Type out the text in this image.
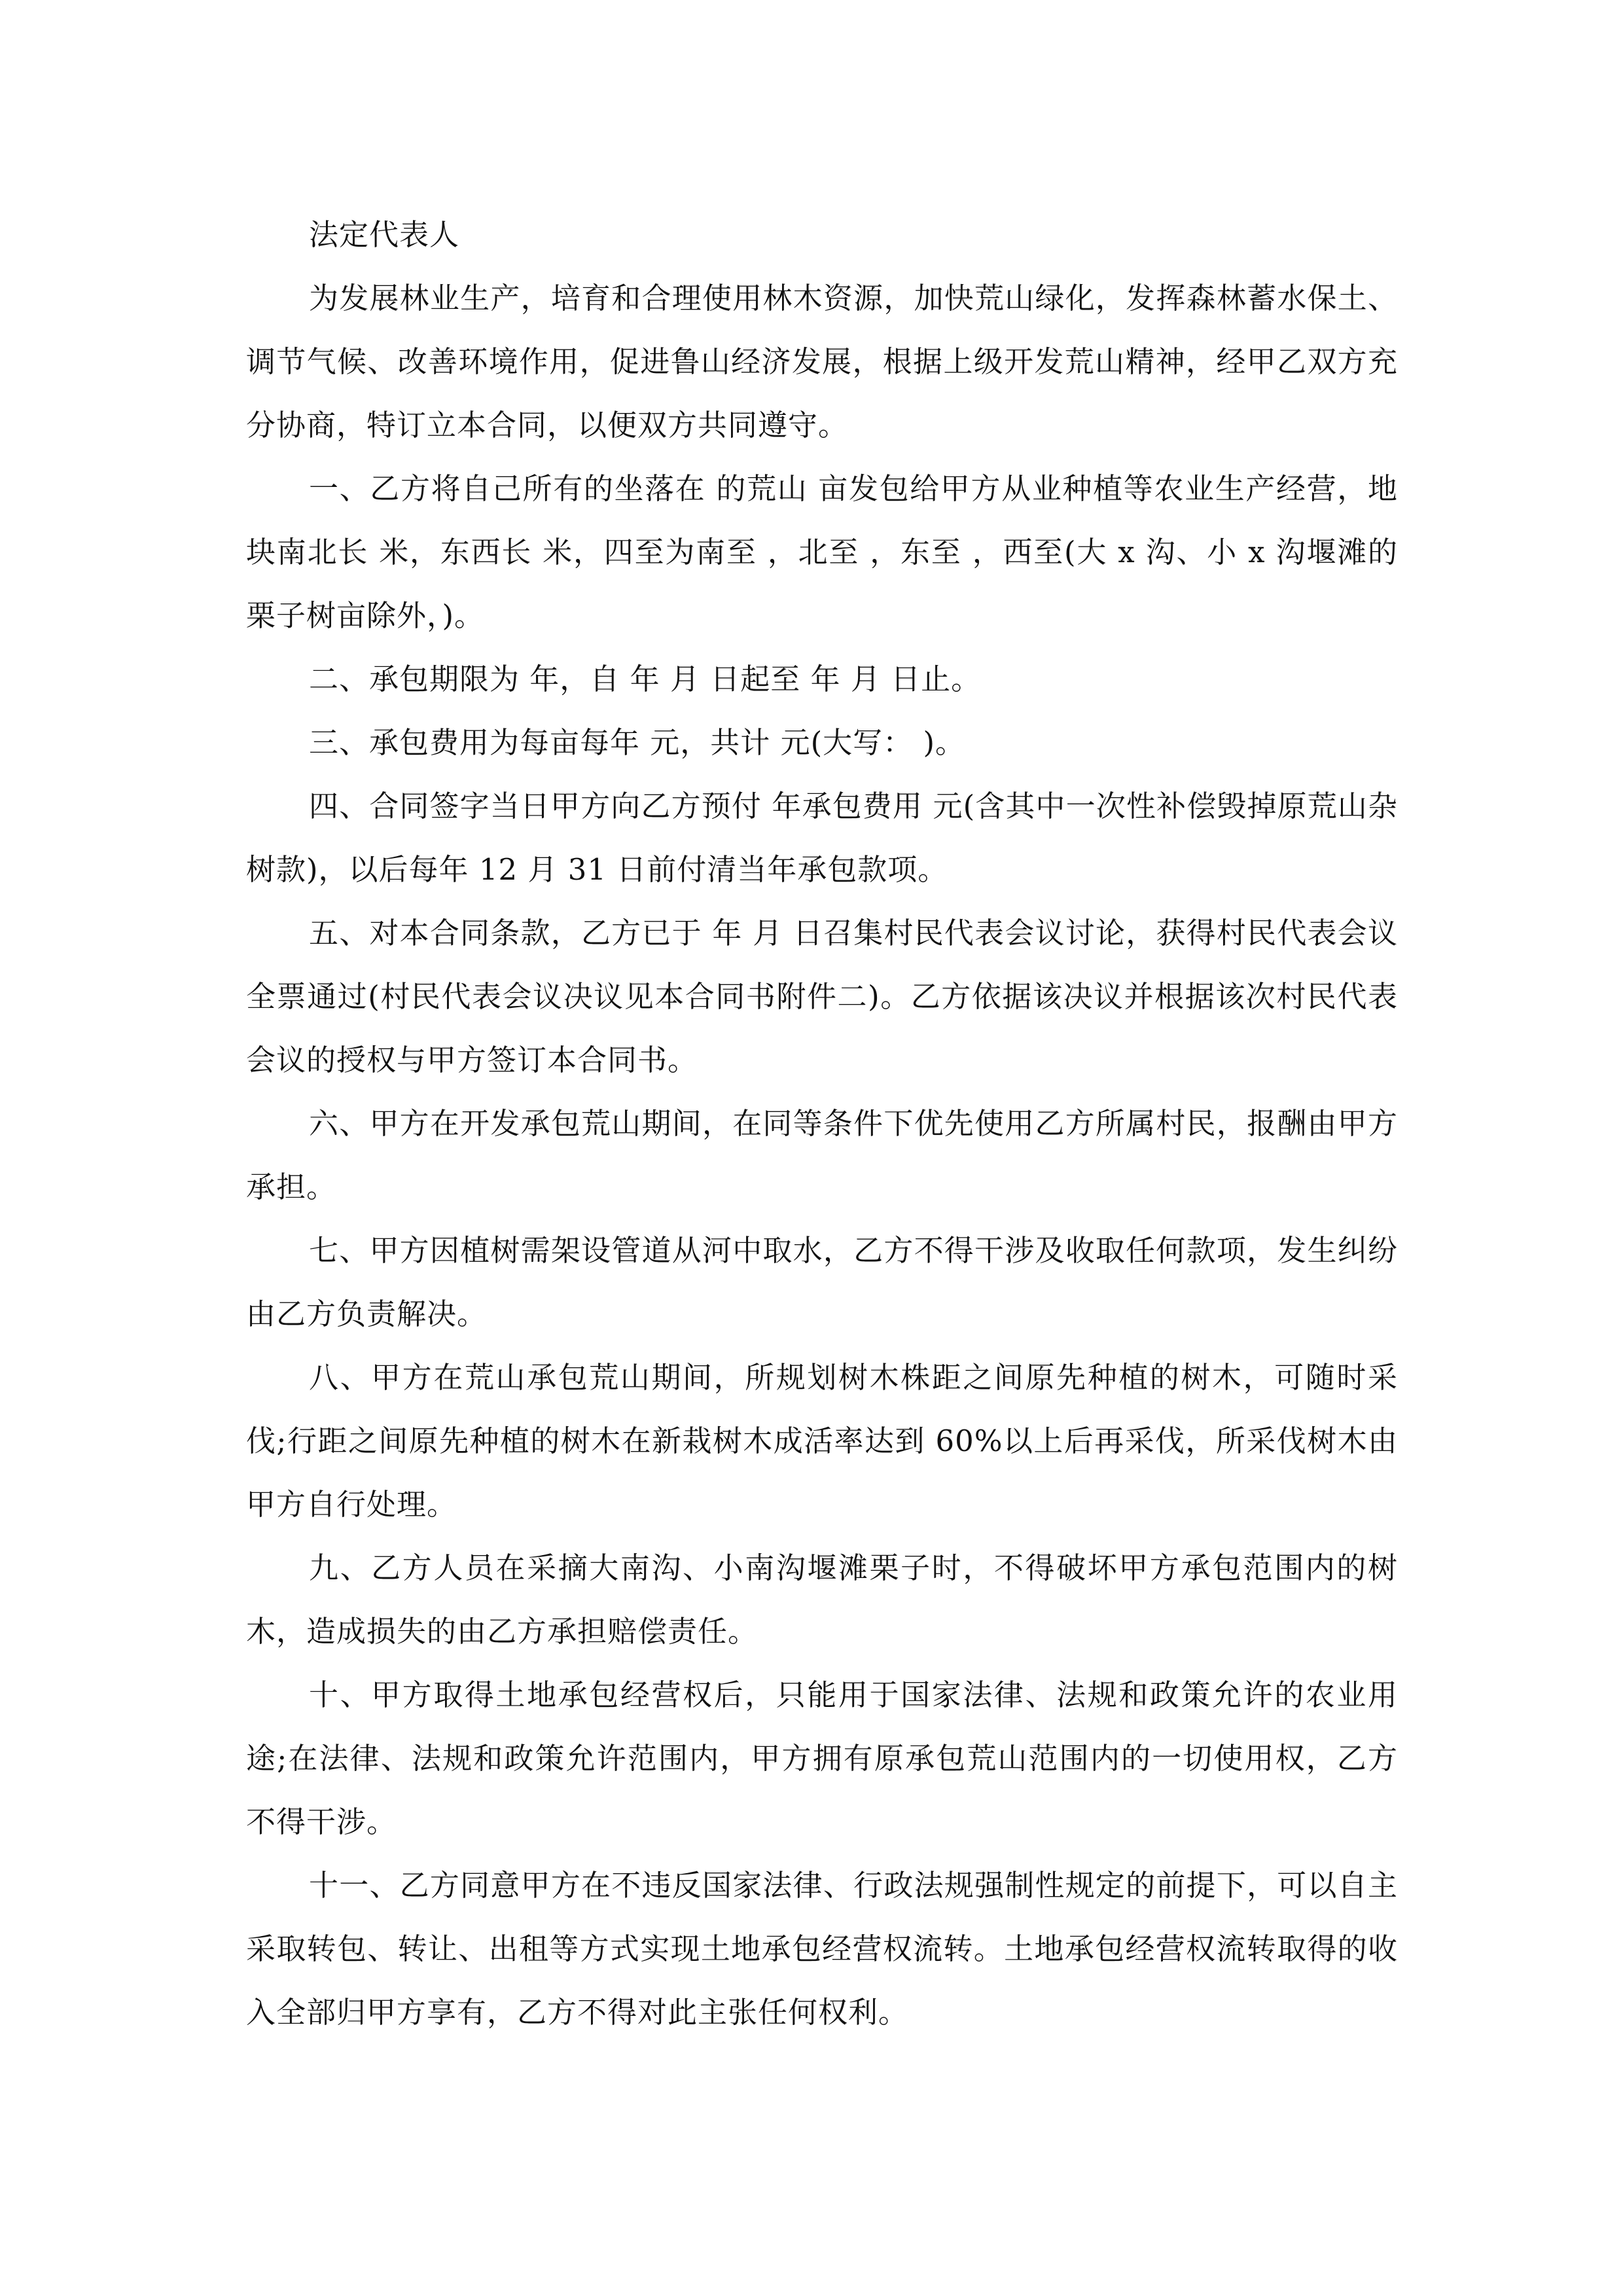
法定代表人

为发展林业生产，培育和合理使用林木资源，加快荒山绿化，发挥森林蓄水保土、调节气候、改善环境作用，促进鲁山经济发展，根据上级开发荒山精神，经甲乙双方充分协商，特订立本合同，以便双方共同遵守。

一、乙方将自己所有的坐落在 的荒山 亩发包给甲方从业种植等农业生产经营，地块南北长 米，东西长 米，四至为南至 ，北至 ，东至 ，西至(大 x 沟、小 x 沟堰滩的栗子树亩除外，)。

二、承包期限为 年，自 年 月 日起至 年 月 日止。

三、承包费用为每亩每年 元，共计 元(大写： )。

四、合同签字当日甲方向乙方预付 年承包费用 元(含其中一次性补偿毁掉原荒山杂树款)，以后每年 12 月 31 日前付清当年承包款项。

五、对本合同条款，乙方已于 年 月 日召集村民代表会议讨论，获得村民代表会议全票通过(村民代表会议决议见本合同书附件二)。乙方依据该决议并根据该次村民代表会议的授权与甲方签订本合同书。

六、甲方在开发承包荒山期间，在同等条件下优先使用乙方所属村民，报酬由甲方承担。

七、甲方因植树需架设管道从河中取水，乙方不得干涉及收取任何款项，发生纠纷由乙方负责解决。

八、甲方在荒山承包荒山期间，所规划树木株距之间原先种植的树木，可随时采伐;行距之间原先种植的树木在新栽树木成活率达到 60%以上后再采伐，所采伐树木由甲方自行处理。

九、乙方人员在采摘大南沟、小南沟堰滩栗子时，不得破坏甲方承包范围内的树木，造成损失的由乙方承担赔偿责任。

十、甲方取得土地承包经营权后，只能用于国家法律、法规和政策允许的农业用途;在法律、法规和政策允许范围内，甲方拥有原承包荒山范围内的一切使用权，乙方不得干涉。

十一、乙方同意甲方在不违反国家法律、行政法规强制性规定的前提下，可以自主采取转包、转让、出租等方式实现土地承包经营权流转。土地承包经营权流转取得的收入全部归甲方享有，乙方不得对此主张任何权利。
